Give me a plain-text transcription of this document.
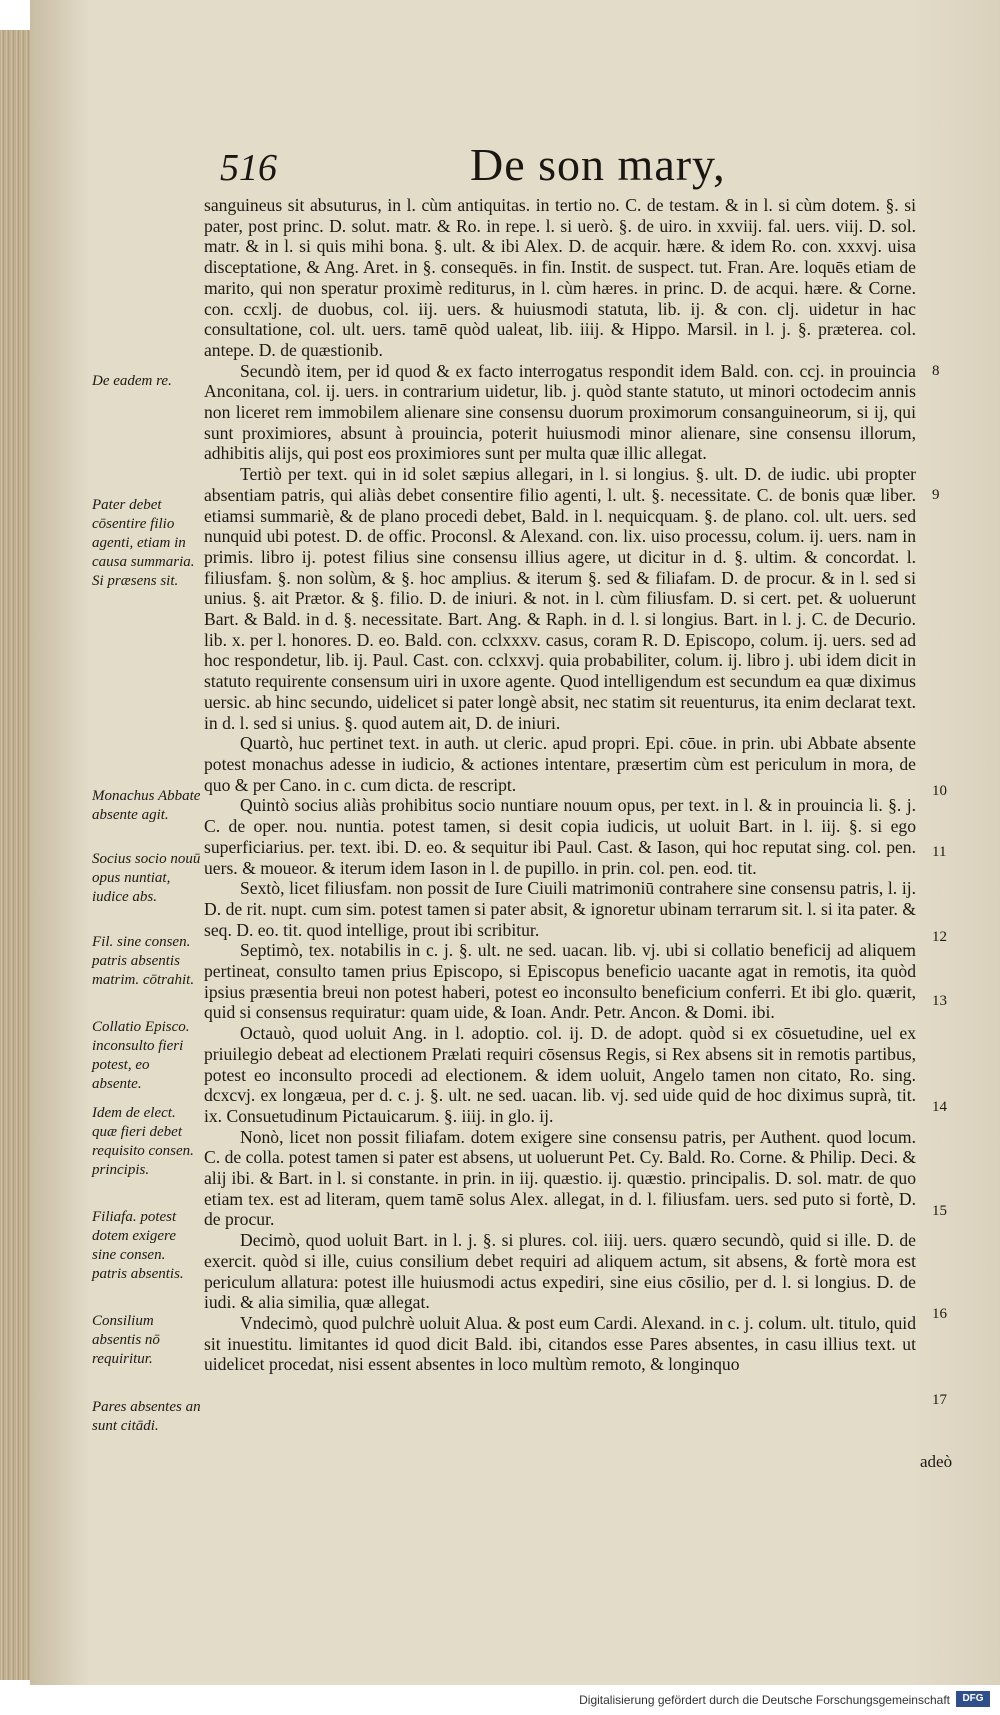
516	De son mary,

sanguineus sit absuturus, in l. cùm antiquitas. in tertio no. C. de testam. & in l. si cùm dotem. §. si pater, post princ. D. solut. matr. & Ro. in repe. l. si uerò. §. de uiro. in xxviij. fal. uers. viij. D. sol. matr. & in l. si quis mihi bona. §. ult. & ibi Alex. D. de acquir. hære. & idem Ro. con. xxxvj. uisa disceptatione, & Ang. Aret. in §. consequēs. in fin. Instit. de suspect. tut. Fran. Are. loquēs etiam de marito, qui non speratur proximè rediturus, in l. cùm hæres. in princ. D. de acqui. hære. & Corne. con. ccxlj. de duobus, col. iij. uers. & huiusmodi statuta, lib. ij. & con. clj. uidetur in hac consultatione, col. ult. uers. tamē quòd ualeat, lib. iiij. & Hippo. Marsil. in l. j. §. præterea. col. antepe. D. de quæstionib.

Secundò item, per id quod & ex facto interrogatus respondit idem Bald. con. ccj. in prouincia Anconitana, col. ij. uers. in contrarium uidetur, lib. j. quòd stante statuto, ut minori octodecim annis non liceret rem immobilem alienare sine consensu duorum proximorum consanguineorum, si ij, qui sunt proximiores, absunt à prouincia, poterit huiusmodi minor alienare, sine consensu illorum, adhibitis alijs, qui post eos proximiores sunt per multa quæ illic allegat.

Tertiò per text. qui in id solet sæpius allegari, in l. si longius. §. ult. D. de iudic. ubi propter absentiam patris, qui aliàs debet consentire filio agenti, l. ult. §. necessitate. C. de bonis quæ liber. etiamsi summariè, & de plano procedi debet, Bald. in l. nequicquam. §. de plano. col. ult. uers. sed nunquid ubi potest. D. de offic. Proconsl. & Alexand. con. lix. uiso processu, colum. ij. uers. nam in primis. libro ij. potest filius sine consensu illius agere, ut dicitur in d. §. ultim. & concordat. l. filiusfam. §. non solùm, & §. hoc amplius. & iterum §. sed & filiafam. D. de procur. & in l. sed si unius. §. ait Prætor. & §. filio. D. de iniuri. & not. in l. cùm filiusfam. D. si cert. pet. & uoluerunt Bart. & Bald. in d. §. necessitate. Bart. Ang. & Raph. in d. l. si longius. Bart. in l. j. C. de Decurio. lib. x. per l. honores. D. eo. Bald. con. cclxxxv. casus, coram R. D. Episcopo, colum. ij. uers. sed ad hoc respondetur, lib. ij. Paul. Cast. con. cclxxvj. quia probabiliter, colum. ij. libro j. ubi idem dicit in statuto requirente consensum uiri in uxore agente. Quod intelligendum est secundum ea quæ diximus uersic. ab hinc secundo, uidelicet si pater longè absit, nec statim sit reuenturus, ita enim declarat text. in d. l. sed si unius. §. quod autem ait, D. de iniuri.

Quartò, huc pertinet text. in auth. ut cleric. apud propri. Epi. cōue. in prin. ubi Abbate absente potest monachus adesse in iudicio, & actiones intentare, præsertim cùm est periculum in mora, de quo & per Cano. in c. cum dicta. de rescript.

Quintò socius aliàs prohibitus socio nuntiare nouum opus, per text. in l. & in prouincia li. §. j. C. de oper. nou. nuntia. potest tamen, si desit copia iudicis, ut uoluit Bart. in l. iij. §. si ego superficiarius. per. text. ibi. D. eo. & sequitur ibi Paul. Cast. & Iason, qui hoc reputat sing. col. pen. uers. & moueor. & iterum idem Iason in l. de pupillo. in prin. col. pen. eod. tit.

Sextò, licet filiusfam. non possit de Iure Ciuili matrimoniū contrahere sine consensu patris, l. ij. D. de rit. nupt. cum sim. potest tamen si pater absit, & ignoretur ubinam terrarum sit. l. si ita pater. & seq. D. eo. tit. quod intellige, prout ibi scribitur.

Septimò, tex. notabilis in c. j. §. ult. ne sed. uacan. lib. vj. ubi si collatio beneficij ad aliquem pertineat, consulto tamen prius Episcopo, si Episcopus beneficio uacante agat in remotis, ita quòd ipsius præsentia breui non potest haberi, potest eo inconsulto beneficium conferri. Et ibi glo. quærit, quid si consensus requiratur: quam uide, & Ioan. Andr. Petr. Ancon. & Domi. ibi.

Octauò, quod uoluit Ang. in l. adoptio. col. ij. D. de adopt. quòd si ex cōsuetudine, uel ex priuilegio debeat ad electionem Prælati requiri cōsensus Regis, si Rex absens sit in remotis partibus, potest eo inconsulto procedi ad electionem. & idem uoluit, Angelo tamen non citato, Ro. sing. dcxcvj. ex longæua, per d. c. j. §. ult. ne sed. uacan. lib. vj. sed uide quid de hoc diximus suprà, tit. ix. Consuetudinum Pictauicarum. §. iiij. in glo. ij.

Nonò, licet non possit filiafam. dotem exigere sine consensu patris, per Authent. quod locum. C. de colla. potest tamen si pater est absens, ut uoluerunt Pet. Cy. Bald. Ro. Corne. & Philip. Deci. & alij ibi. & Bart. in l. si constante. in prin. in iij. quæstio. ij. quæstio. principalis. D. sol. matr. de quo etiam tex. est ad literam, quem tamē solus Alex. allegat, in d. l. filiusfam. uers. sed puto si fortè, D. de procur.

Decimò, quod uoluit Bart. in l. j. §. si plures. col. iiij. uers. quæro secundò, quid si ille. D. de exercit. quòd si ille, cuius consilium debet requiri ad aliquem actum, sit absens, & fortè mora est periculum allatura: potest ille huiusmodi actus expediri, sine eius cōsilio, per d. l. si longius. D. de iudi. & alia similia, quæ allegat.

Vndecimò, quod pulchrè uoluit Alua. & post eum Cardi. Alexand. in c. j. colum. ult. titulo, quid sit inuestitu. limitantes id quod dicit Bald. ibi, citandos esse Pares absentes, in casu illius text. ut uidelicet procedat, nisi essent absentes in loco multùm remoto, & longinquo

De eadem re.
Pater debet cōsentire filio agenti, etiam in causa summaria.
Si præsens sit.
Monachus Abbate absente agit.
Socius socio nouū opus nuntiat, iudice abs.
Fil. sine consen. patris absentis matrim. cōtrahit.
Collatio Episco. inconsulto fieri potest, eo absente.
Idem de elect. quæ fieri debet requisito consen. principis.
Filiafa. potest dotem exigere sine consen. patris absentis.
Consilium absentis nō requiritur.
Pares absentes an sunt citādi.
8
9
10
11
12
13
14
15
16
17
adeò
Digitalisierung gefördert durch die Deutsche Forschungsgemeinschaft	DFG
